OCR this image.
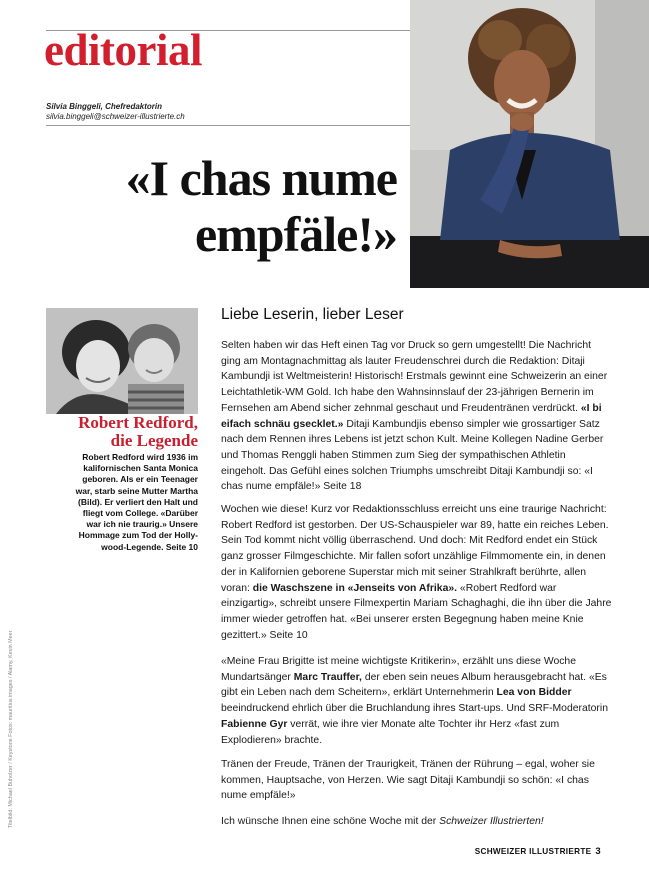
editorial
Silvia Binggeli, Chefredaktorin
silvia.binggeli@schweizer-illustrierte.ch
«I chas nume
empfäle!»
Robert Redford,
die Legende
Robert Redford wird 1936 im
kalifornischen Santa Monica
geboren. Als er ein Teenager
war, starb seine Mutter Martha
(Bild). Er verliert den Halt und
fliegt vom College. «Darüber
war ich nie traurig.» Unsere
Hommage zum Tod der Holly-
wood-Legende. Seite 10
Titelbild: Michael Buholzer / Keystone Fotos: mauritius images / Alamy, Kevin Meer
Liebe Leserin, lieber Leser

Selten haben wir das Heft einen Tag vor Druck so gern umgestellt! Die Nachricht ging am Montagnachmittag als lauter Freudenschrei durch die Redaktion: Ditaji Kambundji ist Weltmeisterin! Historisch! Erstmals gewinnt eine Schweizerin an einer Leichtathletik-WM Gold. Ich habe den Wahnsinnslauf der 23-jährigen Bernerin im Fernsehen am Abend sicher zehnmal geschaut und Freudentränen verdrückt. «I bi eifach schnäu gsecklet.» Ditaji Kambundjis ebenso simpler wie grossartiger Satz nach dem Rennen ihres Lebens ist jetzt schon Kult. Meine Kollegen Nadine Gerber und Thomas Renggli haben Stimmen zum Sieg der sympathischen Athletin eingeholt. Das Gefühl eines solchen Triumphs umschreibt Ditaji Kambundji so: «I chas nume empfäle!» Seite 18

Wochen wie diese! Kurz vor Redaktionsschluss erreicht uns eine traurige Nachricht: Robert Redford ist gestorben. Der US-Schauspieler war 89, hatte ein reiches Leben. Sein Tod kommt nicht völlig überraschend. Und doch: Mit Redford endet ein Stück ganz grosser Filmgeschichte. Mir fallen sofort unzählige Filmmomente ein, in denen der in Kalifornien geborene Superstar mich mit seiner Strahlkraft berührte, allen voran: die Waschszene in «Jenseits von Afrika». «Robert Redford war einzigartig», schreibt unsere Filmexpertin Mariam Schaghaghi, die ihn über die Jahre immer wieder getroffen hat. «Bei unserer ersten Begegnung haben meine Knie gezittert.» Seite 10

«Meine Frau Brigitte ist meine wichtigste Kritikerin», erzählt uns diese Woche Mundartsänger Marc Trauffer, der eben sein neues Album herausgebracht hat. «Es gibt ein Leben nach dem Scheitern», erklärt Unternehmerin Lea von Bidder beeindruckend ehrlich über die Bruchlandung ihres Start-ups. Und SRF-Moderatorin Fabienne Gyr verrät, wie ihre vier Monate alte Tochter ihr Herz «fast zum Explodieren» brachte.

Tränen der Freude, Tränen der Traurigkeit, Tränen der Rührung – egal, woher sie kommen, Hauptsache, von Herzen. Wie sagt Ditaji Kambundji so schön: «I chas nume empfäle!»

Ich wünsche Ihnen eine schöne Woche mit der Schweizer Illustrierten!

SCHWEIZER ILLUSTRIERTE 3
